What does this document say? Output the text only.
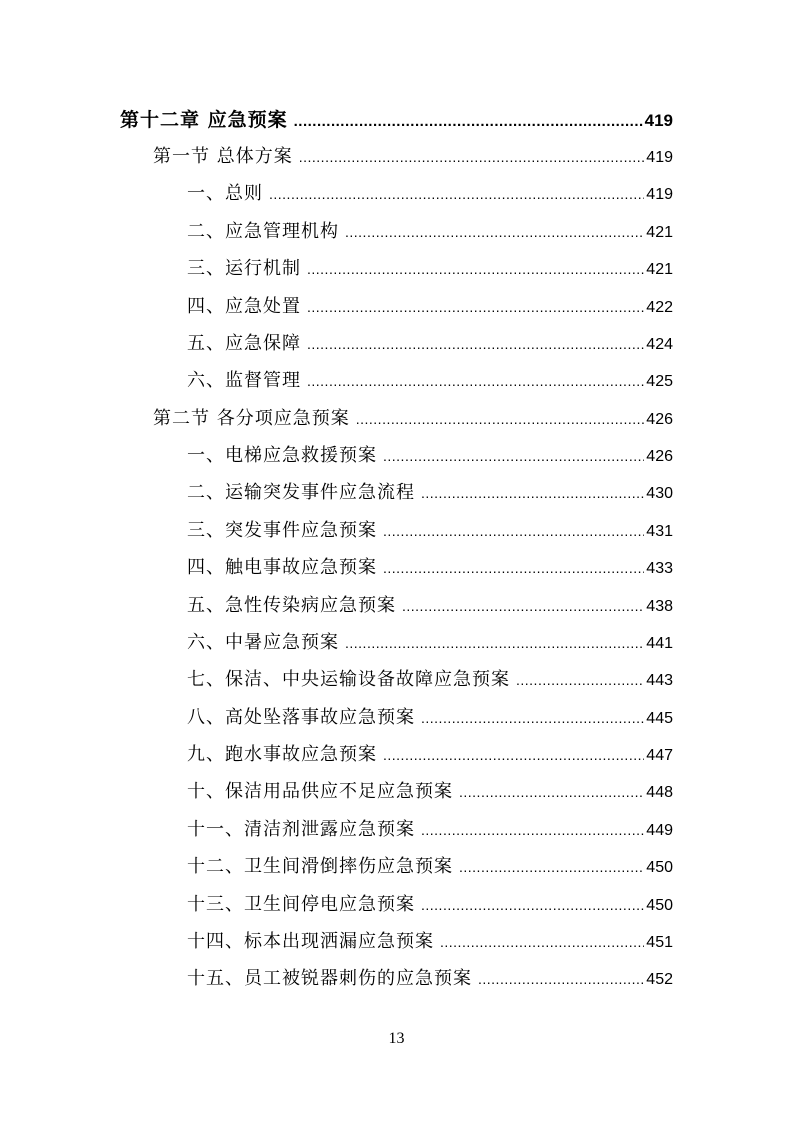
第十二章 应急预案 .....	419
第一节 总体方案 .....	419
一、总则 .....	419
二、应急管理机构 .....	421
三、运行机制 .....	421
四、应急处置 .....	422
五、应急保障 .....	424
六、监督管理 .....	425
第二节 各分项应急预案 .....	426
一、电梯应急救援预案 .....	426
二、运输突发事件应急流程 .....	430
三、突发事件应急预案 .....	431
四、触电事故应急预案 .....	433
五、急性传染病应急预案 .....	438
六、中暑应急预案 .....	441
七、保洁、中央运输设备故障应急预案 .....	443
八、高处坠落事故应急预案 .....	445
九、跑水事故应急预案 .....	447
十、保洁用品供应不足应急预案 .....	448
十一、清洁剂泄露应急预案 .....	449
十二、卫生间滑倒摔伤应急预案 .....	450
十三、卫生间停电应急预案 .....	450
十四、标本出现洒漏应急预案 .....	451
十五、员工被锐器刺伤的应急预案 .....	452
13
